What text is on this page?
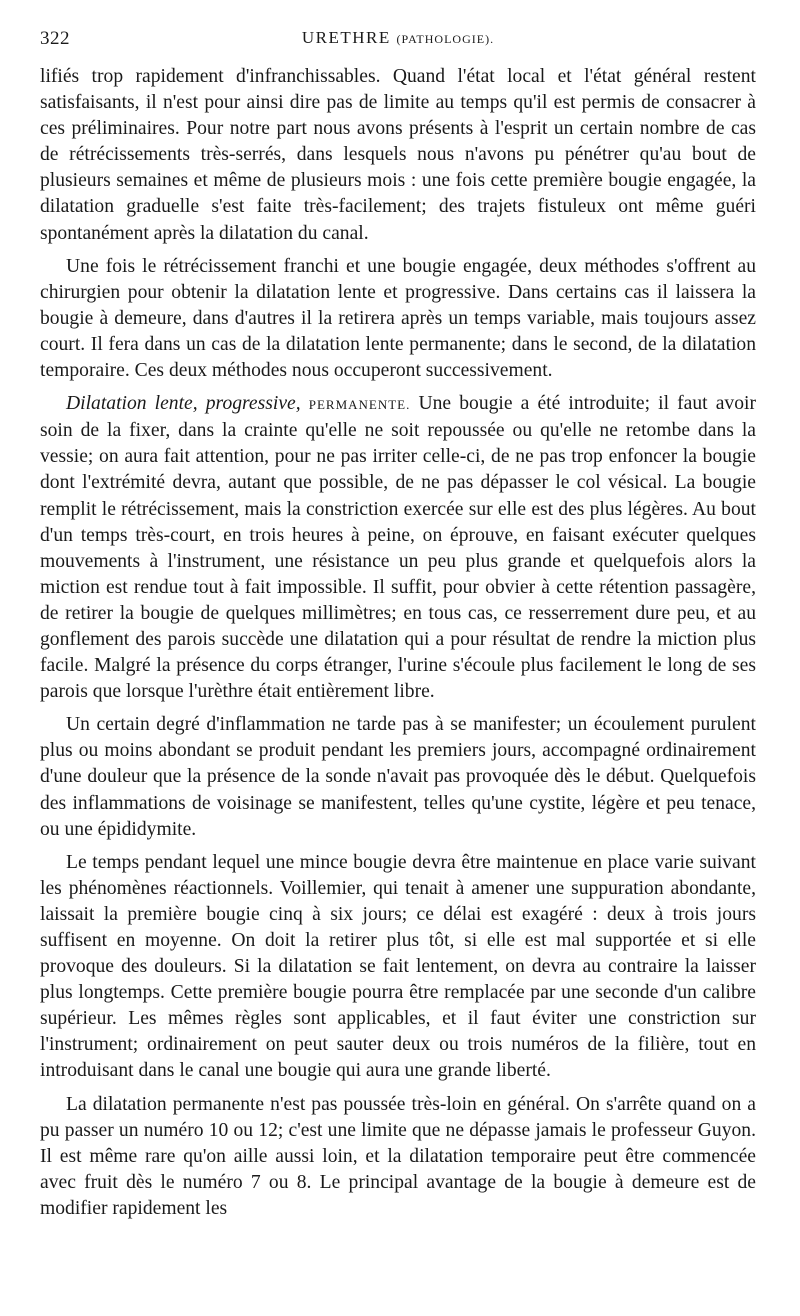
322	URETHRE (PATHOLOGIE).

lifiés trop rapidement d'infranchissables. Quand l'état local et l'état général restent satisfaisants, il n'est pour ainsi dire pas de limite au temps qu'il est permis de consacrer à ces préliminaires. Pour notre part nous avons présents à l'esprit un certain nombre de cas de rétrécissements très-serrés, dans lesquels nous n'avons pu pénétrer qu'au bout de plusieurs semaines et même de plusieurs mois : une fois cette première bougie engagée, la dilatation graduelle s'est faite très-facilement; des trajets fistuleux ont même guéri spontanément après la dilatation du canal.

Une fois le rétrécissement franchi et une bougie engagée, deux méthodes s'offrent au chirurgien pour obtenir la dilatation lente et progressive. Dans certains cas il laissera la bougie à demeure, dans d'autres il la retirera après un temps variable, mais toujours assez court. Il fera dans un cas de la dilatation lente permanente; dans le second, de la dilatation temporaire. Ces deux méthodes nous occuperont successivement.

Dilatation lente, progressive, PERMANENTE. Une bougie a été introduite; il faut avoir soin de la fixer, dans la crainte qu'elle ne soit repoussée ou qu'elle ne retombe dans la vessie; on aura fait attention, pour ne pas irriter celle-ci, de ne pas trop enfoncer la bougie dont l'extrémité devra, autant que possible, de ne pas dépasser le col vésical. La bougie remplit le rétrécissement, mais la constriction exercée sur elle est des plus légères. Au bout d'un temps très-court, en trois heures à peine, on éprouve, en faisant exécuter quelques mouvements à l'instrument, une résistance un peu plus grande et quelquefois alors la miction est rendue tout à fait impossible. Il suffit, pour obvier à cette rétention passagère, de retirer la bougie de quelques millimètres; en tous cas, ce resserrement dure peu, et au gonflement des parois succède une dilatation qui a pour résultat de rendre la miction plus facile. Malgré la présence du corps étranger, l'urine s'écoule plus facilement le long de ses parois que lorsque l'urèthre était entièrement libre.

Un certain degré d'inflammation ne tarde pas à se manifester; un écoulement purulent plus ou moins abondant se produit pendant les premiers jours, accompagné ordinairement d'une douleur que la présence de la sonde n'avait pas provoquée dès le début. Quelquefois des inflammations de voisinage se manifestent, telles qu'une cystite, légère et peu tenace, ou une épididymite.

Le temps pendant lequel une mince bougie devra être maintenue en place varie suivant les phénomènes réactionnels. Voillemier, qui tenait à amener une suppuration abondante, laissait la première bougie cinq à six jours; ce délai est exagéré : deux à trois jours suffisent en moyenne. On doit la retirer plus tôt, si elle est mal supportée et si elle provoque des douleurs. Si la dilatation se fait lentement, on devra au contraire la laisser plus longtemps. Cette première bougie pourra être remplacée par une seconde d'un calibre supérieur. Les mêmes règles sont applicables, et il faut éviter une constriction sur l'instrument; ordinairement on peut sauter deux ou trois numéros de la filière, tout en introduisant dans le canal une bougie qui aura une grande liberté.

La dilatation permanente n'est pas poussée très-loin en général. On s'arrête quand on a pu passer un numéro 10 ou 12; c'est une limite que ne dépasse jamais le professeur Guyon. Il est même rare qu'on aille aussi loin, et la dilatation temporaire peut être commencée avec fruit dès le numéro 7 ou 8. Le principal avantage de la bougie à demeure est de modifier rapidement les
